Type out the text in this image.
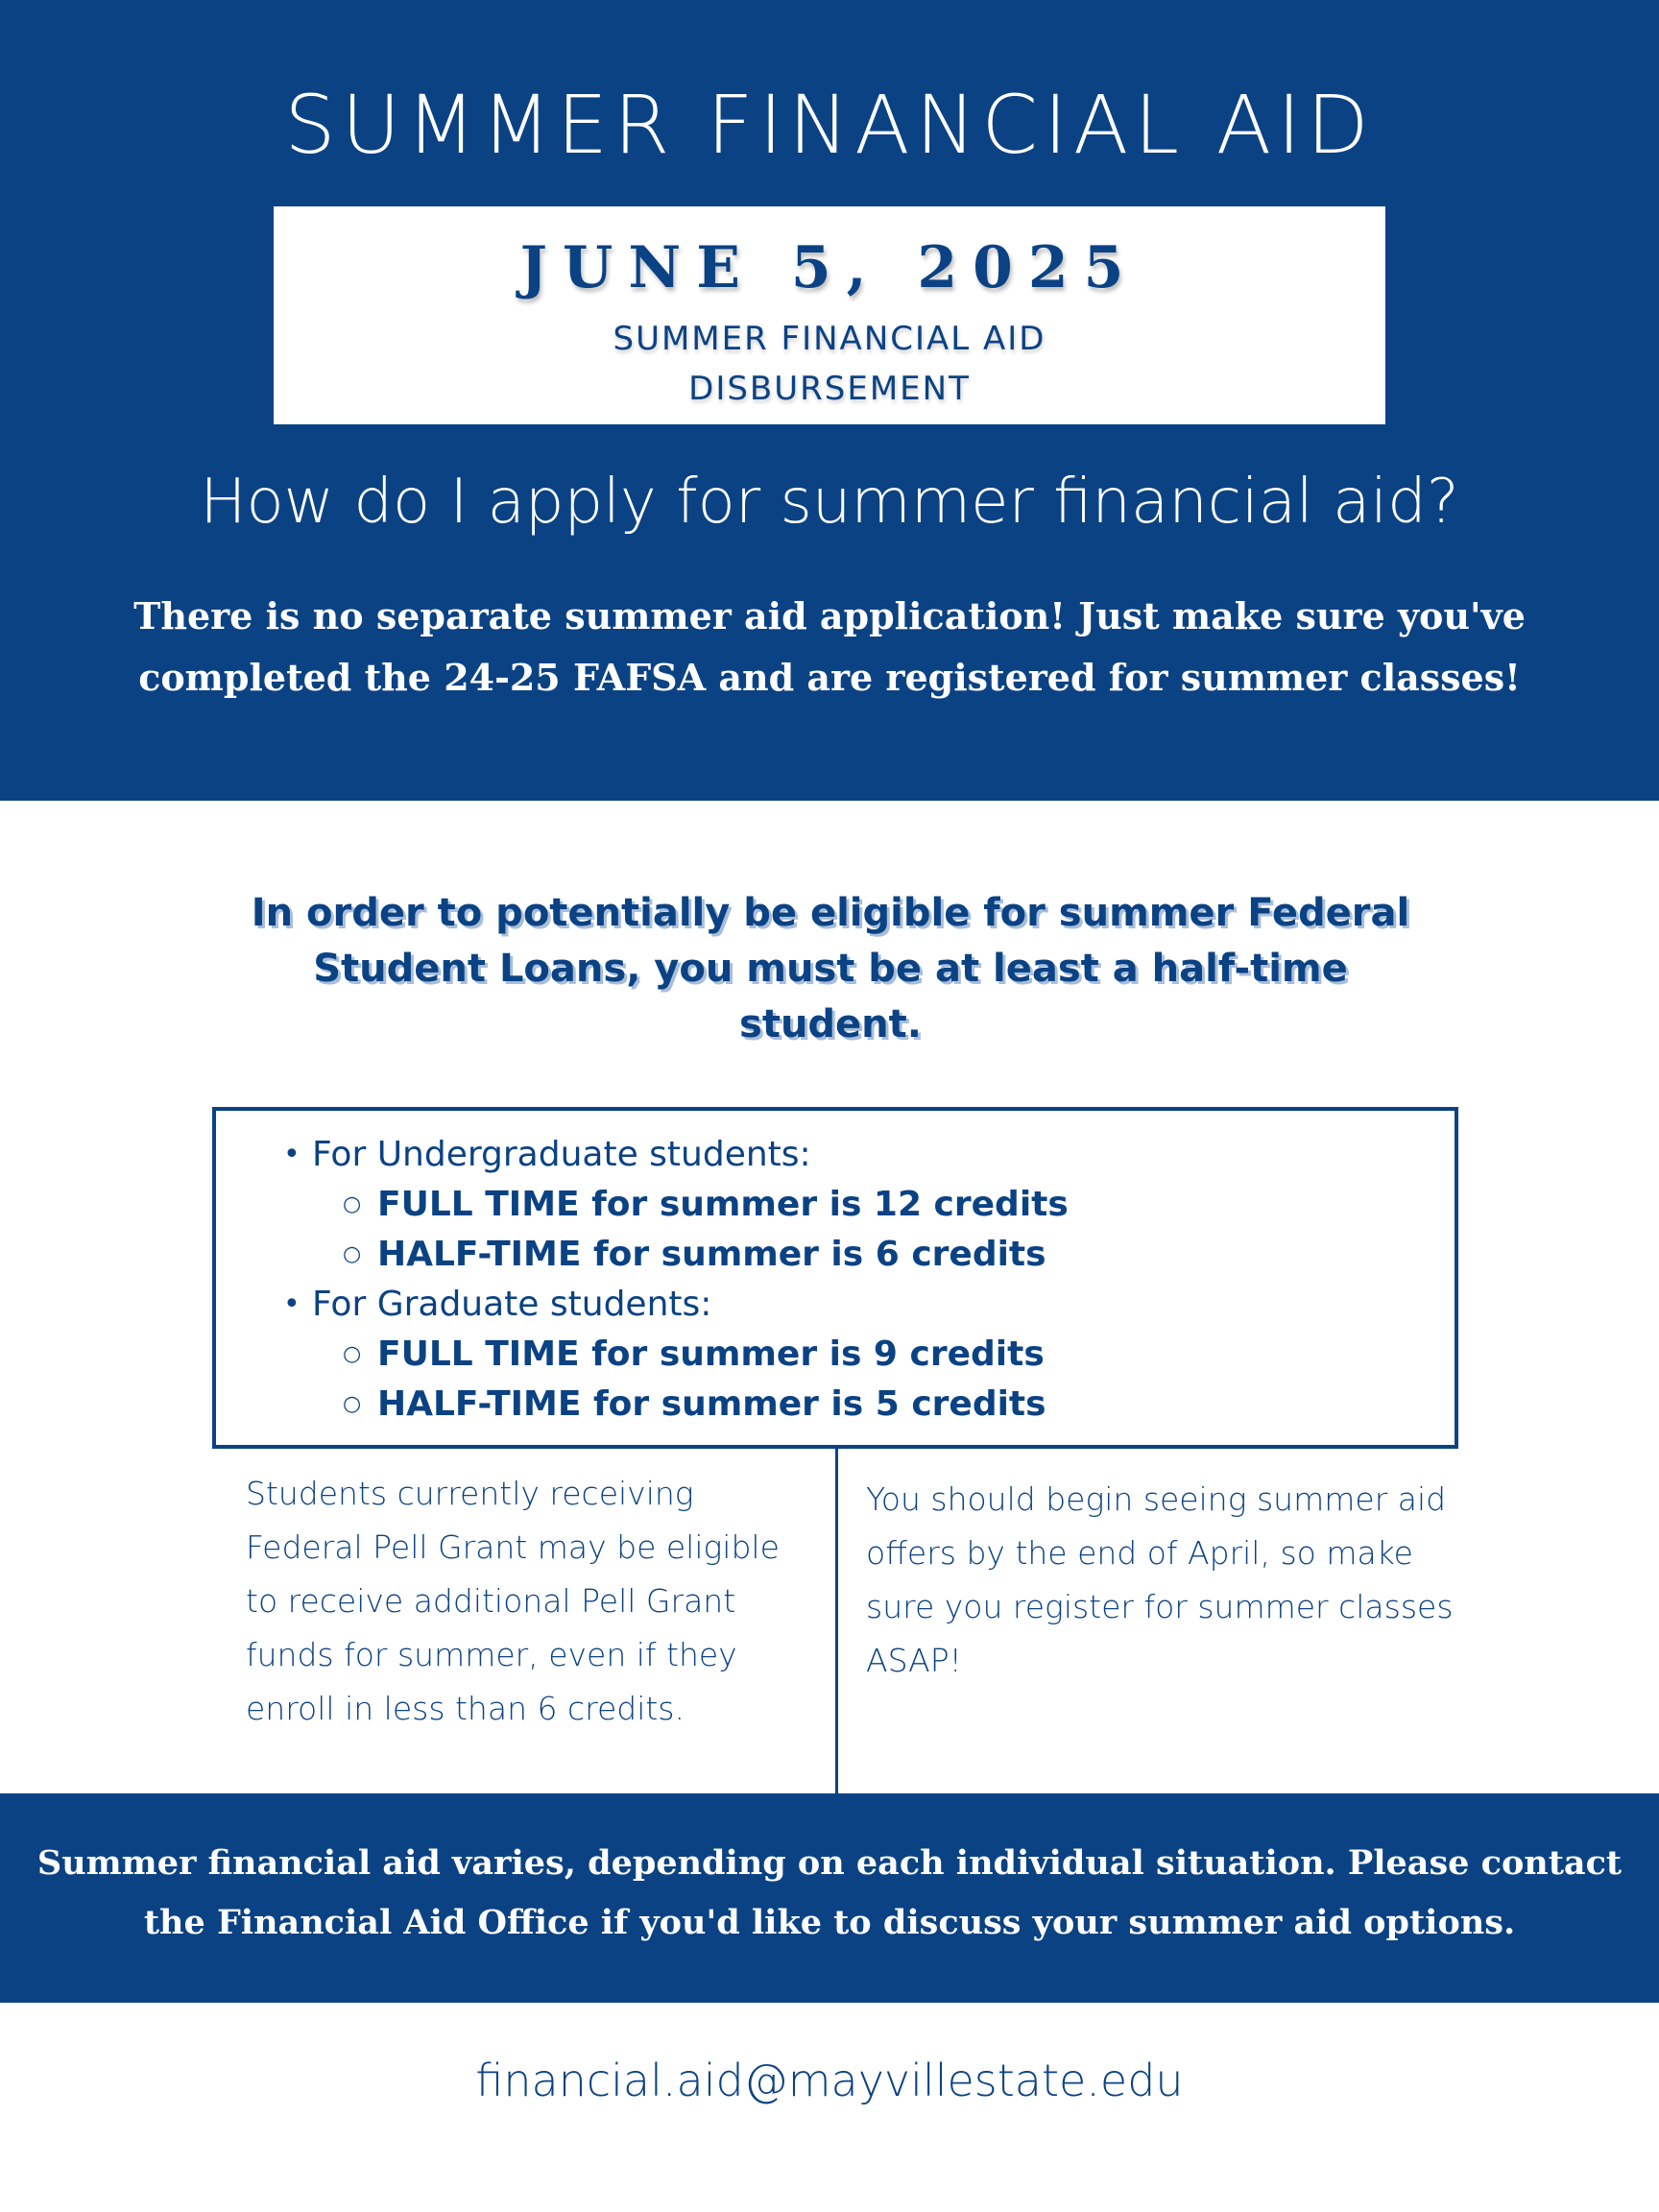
SUMMER FINANCIAL AID
JUNE 5, 2025
SUMMER FINANCIAL AID
DISBURSEMENT
How do I apply for summer financial aid?
There is no separate summer aid application! Just make sure you've completed the 24-25 FAFSA and are registered for summer classes!
In order to potentially be eligible for summer Federal Student Loans, you must be at least a half-time student.
• For Undergraduate students:
○ FULL TIME for summer is 12 credits
○ HALF-TIME for summer is 6 credits
• For Graduate students:
○ FULL TIME for summer is 9 credits
○ HALF-TIME for summer is 5 credits
Students currently receiving Federal Pell Grant may be eligible to receive additional Pell Grant funds for summer, even if they enroll in less than 6 credits.
You should begin seeing summer aid offers by the end of April, so make sure you register for summer classes ASAP!
Summer financial aid varies, depending on each individual situation. Please contact the Financial Aid Office if you'd like to discuss your summer aid options.
financial.aid@mayvillestate.edu
